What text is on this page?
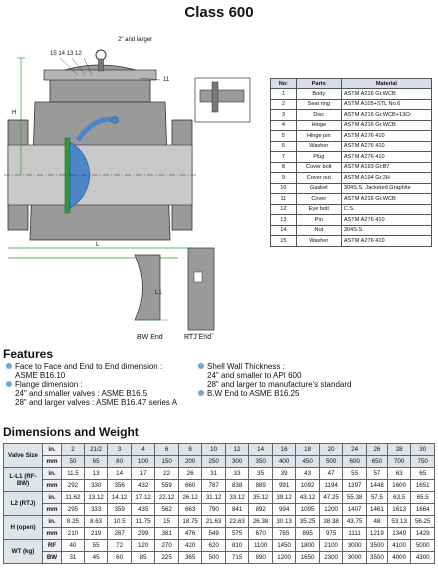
Class 600
2" and larger
15 14 13 12
11
H
L
L1
BW End	RTJ End
No:	Parts	Material
1	Body	ASTM A216 Gr.WCB
2	Seat ring	ASTM A105+STL No.6
3	Disc	ASTM A216 Gr.WCB+13Cr
4	Hinge	ASTM A216 Gr.WCB
5	Hinge pin	ASTM A276 410
6	Washer	ASTM A276 410
7	Plug	ASTM A276 410
8	Cover bolt	ASTM A193 Gr.B7
9	Cover nut	ASTM A194 Gr.2H
10	Gasket	304S.S. Jacketed Graphite
11	Cover	ASTM A216 Gr.WCB
12	Eye bolt	C.S.
13	Pin	ASTM A276 410
14	Nut	304S.S.
15	Washer	ASTM A276 410
Features
Face to Face and End to End dimension :
ASME B16.10
Flange dimension :
24" and smaller valves : ASME B16.5
28" and larger valves : ASME B16.47 series A
Shell Wall Thickness :
24" and smaller to API 600
28" and larger to manufacture's standard
B.W End to ASME B16.25
Dimensions and Weight
Valve Size	in.	2	21/2	3	4	6	8	10	12	14	16	18	20	24	26	28	30
	mm	50	65	80	100	150	200	250	300	350	400	450	500	600	650	700	750
L-L1 (RF-BW)	in.	11.5	13	14	17	22	26	31	33	35	39	43	47	55	57	63	65
	mm	292	330	356	432	559	660	787	838	889	991	1092	1194	1397	1448	1600	1651
L2 (RTJ)	in.	11.62	13.12	14.12	17.12	22.12	26.12	31.12	33.12	35.12	39.12	43.12	47.25	55.38	57.5	63.5	65.5
	mm	295	333	359	435	562	663	790	841	892	994	1095	1200	1407	1461	1613	1664
H (open)	in.	8.25	8.63	10.5	11.75	15	18.75	21.63	22.63	26.38	30.13	35.25	38.38	43.75	48	53.13	56.25
	mm	210	219	267	299	381	476	549	575	670	765	895	975	1111	1219	1349	1429
WT (kg)	RF	40	55	72	120	270	420	620	810	1100	1450	1800	2100	3000	3500	4100	5000
	BW	31	45	60	85	225	365	500	715	890	1200	1650	2300	3000	3500	4000	4300
